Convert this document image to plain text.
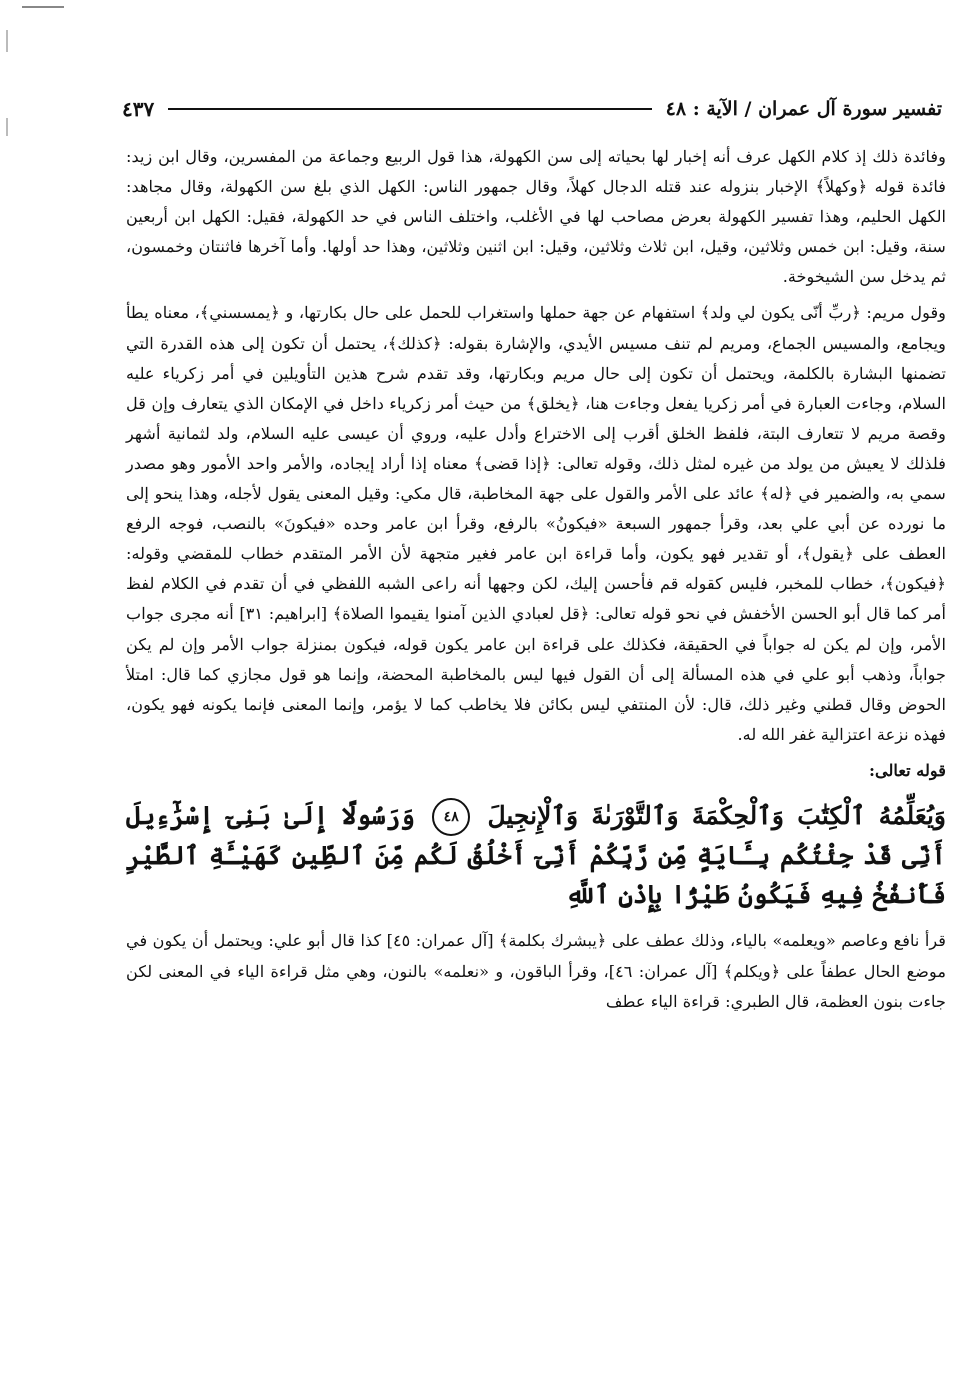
تفسير سورة آل عمران / الآية : ٤٨
٤٣٧

وفائدة ذلك إذ كلام الكهل عرف أنه إخبار لها بحياته إلى سن الكهولة، هذا قول الربيع وجماعة من المفسرين، وقال ابن زيد: فائدة قوله ﴿وكهلاً﴾ الإخبار بنزوله عند قتله الدجال كهلاً، وقال جمهور الناس: الكهل الذي بلغ سن الكهولة، وقال مجاهد: الكهل الحليم، وهذا تفسير الكهولة بعرض مصاحب لها في الأغلب، واختلف الناس في حد الكهولة، فقيل: الكهل ابن أربعين سنة، وقيل: ابن خمس وثلاثين، وقيل، ابن ثلاث وثلاثين، وقيل: ابن اثنين وثلاثين، وهذا حد أولها. وأما آخرها فاثنتان وخمسون، ثم يدخل سن الشيخوخة.

وقول مريم: ﴿ربِّ أنّى يكون لي ولد﴾ استفهام عن جهة حملها واستغراب للحمل على حال بكارتها، و ﴿يمسسني﴾، معناه يطأ ويجامع، والمسيس الجماع، ومريم لم تنف مسيس الأيدي، والإشارة بقوله: ﴿كذلك﴾، يحتمل أن تكون إلى هذه القدرة التي تضمنها البشارة بالكلمة، ويحتمل أن تكون إلى حال مريم وبكارتها، وقد تقدم شرح هذين التأويلين في أمر زكرياء عليه السلام، وجاءت العبارة في أمر زكريا يفعل وجاءت هنا، ﴿يخلق﴾ من حيث أمر زكرياء داخل في الإمكان الذي يتعارف وإن قل وقصة مريم لا تتعارف البتة، فلفظ الخلق أقرب إلى الاختراع وأدل عليه، وروي أن عيسى عليه السلام، ولد لثمانية أشهر فلذلك لا يعيش من يولد من غيره لمثل ذلك، وقوله تعالى: ﴿إذا قضى﴾ معناه إذا أراد إيجاده، والأمر واحد الأمور وهو مصدر سمي به، والضمير في ﴿له﴾ عائد على الأمر والقول على جهة المخاطبة، قال مكي: وقيل المعنى يقول لأجله، وهذا ينحو إلى ما نورده عن أبي علي بعد، وقرأ جمهور السبعة «فيكونُ» بالرفع، وقرأ ابن عامر وحده «فيكونَ» بالنصب، فوجه الرفع العطف على ﴿يقول﴾، أو تقدير فهو يكون، وأما قراءة ابن عامر فغير متجهة لأن الأمر المتقدم خطاب للمقضي وقوله: ﴿فيكون﴾، خطاب للمخبر، فليس كقوله قم فأحسن إليك، لكن وجهها أنه راعى الشبه اللفظي في أن تقدم في الكلام لفظ أمر كما قال أبو الحسن الأخفش في نحو قوله تعالى: ﴿قل لعبادي الذين آمنوا يقيموا الصلاة﴾ [ابراهيم: ٣١] أنه مجرى جواب الأمر، وإن لم يكن له جواباً في الحقيقة، فكذلك على قراءة ابن عامر يكون قوله، فيكون بمنزلة جواب الأمر وإن لم يكن جواباً، وذهب أبو علي في هذه المسألة إلى أن القول فيها ليس بالمخاطبة المحضة، وإنما هو قول مجازي كما قال: امتلأ الحوض وقال قطني وغير ذلك، قال: لأن المنتفي ليس بكائن فلا يخاطب كما لا يؤمر، وإنما المعنى فإنما يكونه فهو يكون، فهذه نزعة اعتزالية غفر الله له.

قوله تعالى:

وَيُعَلِّمُهُ ٱلْكِتَٰبَ وَٱلْحِكْمَةَ وَٱلتَّوْرَىٰةَ وَٱلْإِنجِيلَ ٤٨ وَرَسُولًا إِلَىٰ بَنِىٓ إِسْرَٰٓءِيلَ أَنِّى قَدْ جِئْتُكُم بِـَٔايَةٍ مِّن رَّبِّكُمْ أَنِّىٓ أَخْلُقُ لَكُم مِّنَ ٱلطِّينِ كَهَيْـَٔةِ ٱلطَّيْرِ فَأَنفُخُ فِيهِ فَيَكُونُ طَيْرًۢا بِإِذْنِ ٱللَّهِ

قرأ نافع وعاصم «ويعلمه» بالياء، وذلك عطف على ﴿يبشرك بكلمة﴾ [آل عمران: ٤٥] كذا قال أبو علي: ويحتمل أن يكون في موضع الحال عطفاً على ﴿ويكلم﴾ [آل عمران: ٤٦]، وقرأ الباقون، و «نعلمه» بالنون، وهي مثل قراءة الياء في المعنى لكن جاءت بنون العظمة، قال الطبري: قراءة الياء عطف
